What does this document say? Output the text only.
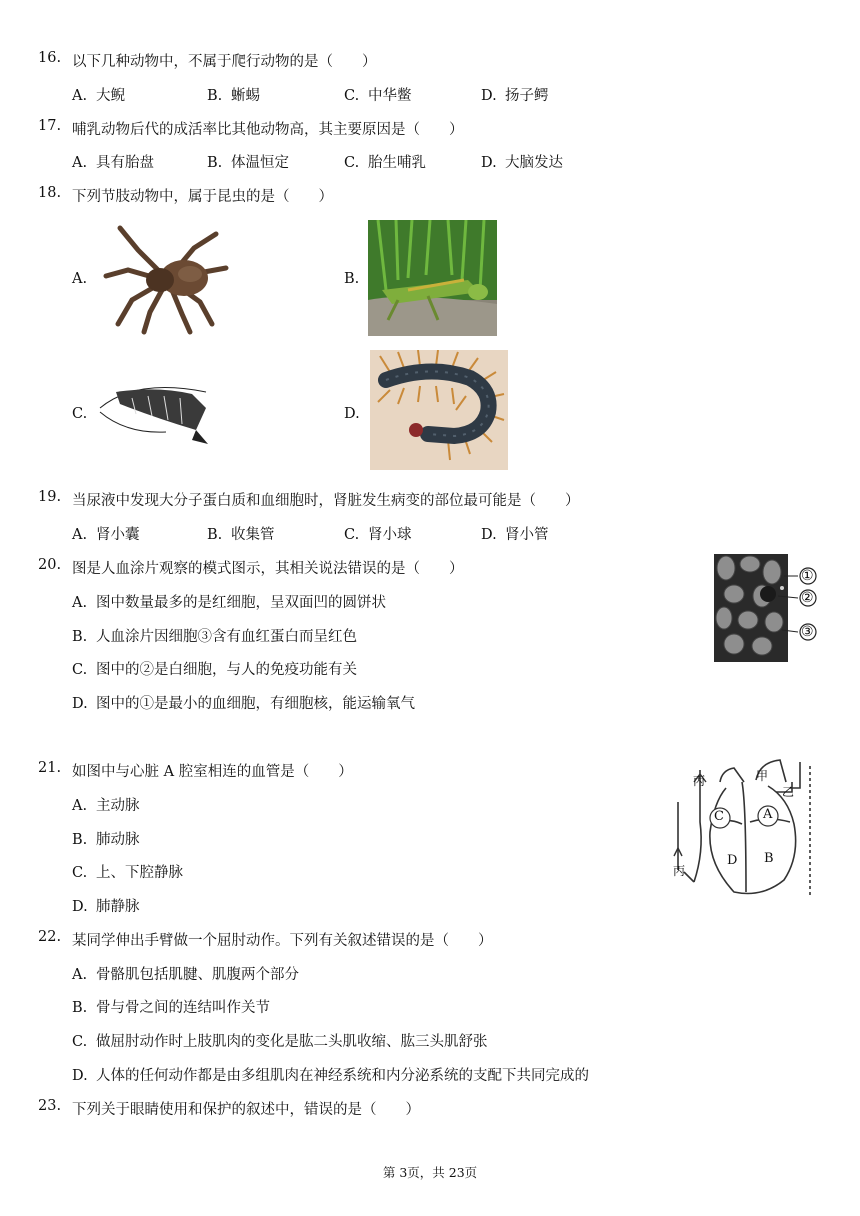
16. 以下几种动物中，不属于爬行动物的是（　　）
A. 大鲵	B. 蜥蜴	C. 中华鳖	D. 扬子鳄
17. 哺乳动物后代的成活率比其他动物高，其主要原因是（　　）
A. 具有胎盘	B. 体温恒定	C. 胎生哺乳	D. 大脑发达
18. 下列节肢动物中，属于昆虫的是（　　）
A.	B.
C.	D.
19. 当尿液中发现大分子蛋白质和血细胞时，肾脏发生病变的部位最可能是（　　）
A. 肾小囊	B. 收集管	C. 肾小球	D. 肾小管
20. 图是人血涂片观察的模式图示，其相关说法错误的是（　　）
A. 图中数量最多的是红细胞，呈双面凹的圆饼状
B. 人血涂片因细胞③含有血红蛋白而呈红色
C. 图中的②是白细胞，与人的免疫功能有关
D. 图中的①是最小的血细胞，有细胞核，能运输氧气
①
②
③
21. 如图中与心脏 A 腔室相连的血管是（　　）
A. 主动脉
B. 肺动脉
C. 上、下腔静脉
D. 肺静脉
丙	甲
乙
C	A
D B
丙
22. 某同学伸出手臂做一个屈肘动作。下列有关叙述错误的是（　　）
A. 骨骼肌包括肌腱、肌腹两个部分
B. 骨与骨之间的连结叫作关节
C. 做屈肘动作时上肢肌肉的变化是肱二头肌收缩、肱三头肌舒张
D. 人体的任何动作都是由多组肌肉在神经系统和内分泌系统的支配下共同完成的
23. 下列关于眼睛使用和保护的叙述中，错误的是（　　）
第 3页，共 23页
